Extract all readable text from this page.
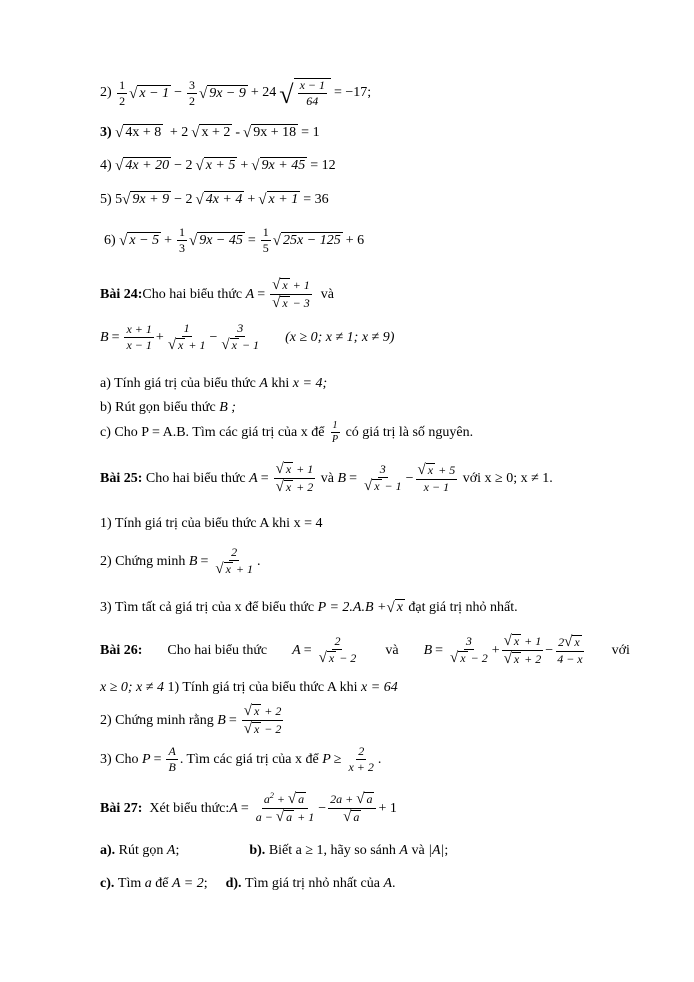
2)
$\frac{1}{2}$ √ $x - 1 - \frac{3}{2}$ √ 9x − 9 + 24 √ $\frac{x - 1}{64} = -17$;
3)
√ 4x + 8 + 2 √ x + 2 - √ 9x + 18 = 1
4)
√ 4x + 20 − 2 √ x + 5 + √ 9x + 45 = 12
5)
5 √ 9x + 9 − 2 √ 4x + 4 + √ x + 1 = 36
6)
√ $x - 5 + \frac{1}{3}$ √ $9x - 45 = \frac{1}{5}$ √ 25x − 125 + 6
Bài 24: Cho hai biểu thức
$A = \frac{√ x + 1}{√ x - 3}$
và
$B = \frac{x + 1}{x - 1} + \frac{1}{√ x + 1} - \frac{3}{√ x - 1} (x \ge 0$; x ≠ 1; x ≠ 9)
a) Tính giá trị của biểu thức
A
khi
x = 4;
b) Rút gọn biểu thức
B ;
c) Cho P = A.B. Tìm các giá trị của x để
$\frac{1}{P}$
có giá trị là số nguyên.
Bài 25:
Cho hai biểu thức
$A = \frac{√ x + 1}{√ x + 2}$
và
$B = \frac{3}{√ x - 1} - \frac{√ x + 5}{x - 1}$
với x ≥ 0; x ≠ 1.
1) Tính giá trị của biểu thức A khi x = 4
2) Chứng minh
$B = \frac{2}{√ x + 1}$ .
3) Tìm tất cả giá trị của x để biểu thức
P = 2.A.B + √ x
đạt giá trị nhỏ nhất.
Bài 26: Cho hai biểu thức $A = \frac{2}{√ x - 2}$ và $B = \frac{3}{√ x - 2} + \frac{√ x + 1}{√ x + 2} - \frac{2 √ x}{4 - x}$ với
x ≥ 0; x ≠ 4
1) Tính giá trị của biểu thức A khi
x = 64
2) Chứng minh rằng
$B = \frac{√ x + 2}{√ x - 2}$
3) Cho
$P = \frac{A}{B}$ . Tìm các giá trị của x để
$P \ge \frac{2}{x + 2}$ .
Bài 27:
Xét biểu thức: $A = \frac{a^2 + √ a}{a - √ a + 1} - \frac{2a + √ a}{√ a} + 1$
a).
Rút gọn
A ;	b).
Biết a ≥ 1, hãy so sánh
A
và
|A| ;
c).
Tìm
a
để
A = 2 ; d).
Tìm giá trị nhỏ nhất của
A .
